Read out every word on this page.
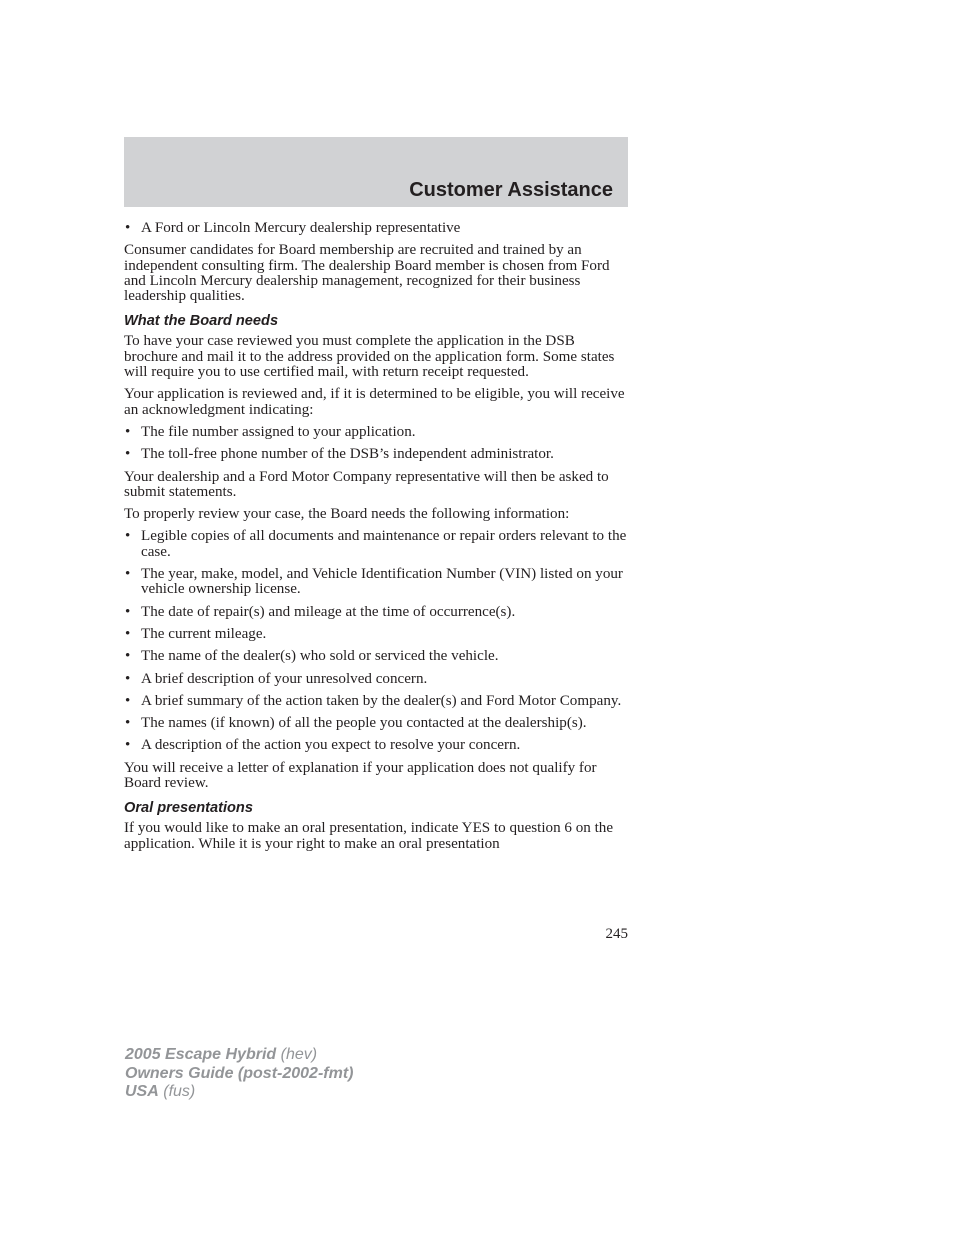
Customer Assistance
• A Ford or Lincoln Mercury dealership representative

Consumer candidates for Board membership are recruited and trained by an independent consulting firm. The dealership Board member is chosen from Ford and Lincoln Mercury dealership management, recognized for their business leadership qualities.

What the Board needs

To have your case reviewed you must complete the application in the DSB brochure and mail it to the address provided on the application form. Some states will require you to use certified mail, with return receipt requested.

Your application is reviewed and, if it is determined to be eligible, you will receive an acknowledgment indicating:

• The file number assigned to your application.
• The toll-free phone number of the DSB’s independent administrator.

Your dealership and a Ford Motor Company representative will then be asked to submit statements.

To properly review your case, the Board needs the following information:

• Legible copies of all documents and maintenance or repair orders relevant to the case.
• The year, make, model, and Vehicle Identification Number (VIN) listed on your vehicle ownership license.
• The date of repair(s) and mileage at the time of occurrence(s).
• The current mileage.
• The name of the dealer(s) who sold or serviced the vehicle.
• A brief description of your unresolved concern.
• A brief summary of the action taken by the dealer(s) and Ford Motor Company.
• The names (if known) of all the people you contacted at the dealership(s).
• A description of the action you expect to resolve your concern.

You will receive a letter of explanation if your application does not qualify for Board review.

Oral presentations

If you would like to make an oral presentation, indicate YES to question 6 on the application. While it is your right to make an oral presentation

245
2005 Escape Hybrid (hev)
Owners Guide (post-2002-fmt)
USA (fus)
